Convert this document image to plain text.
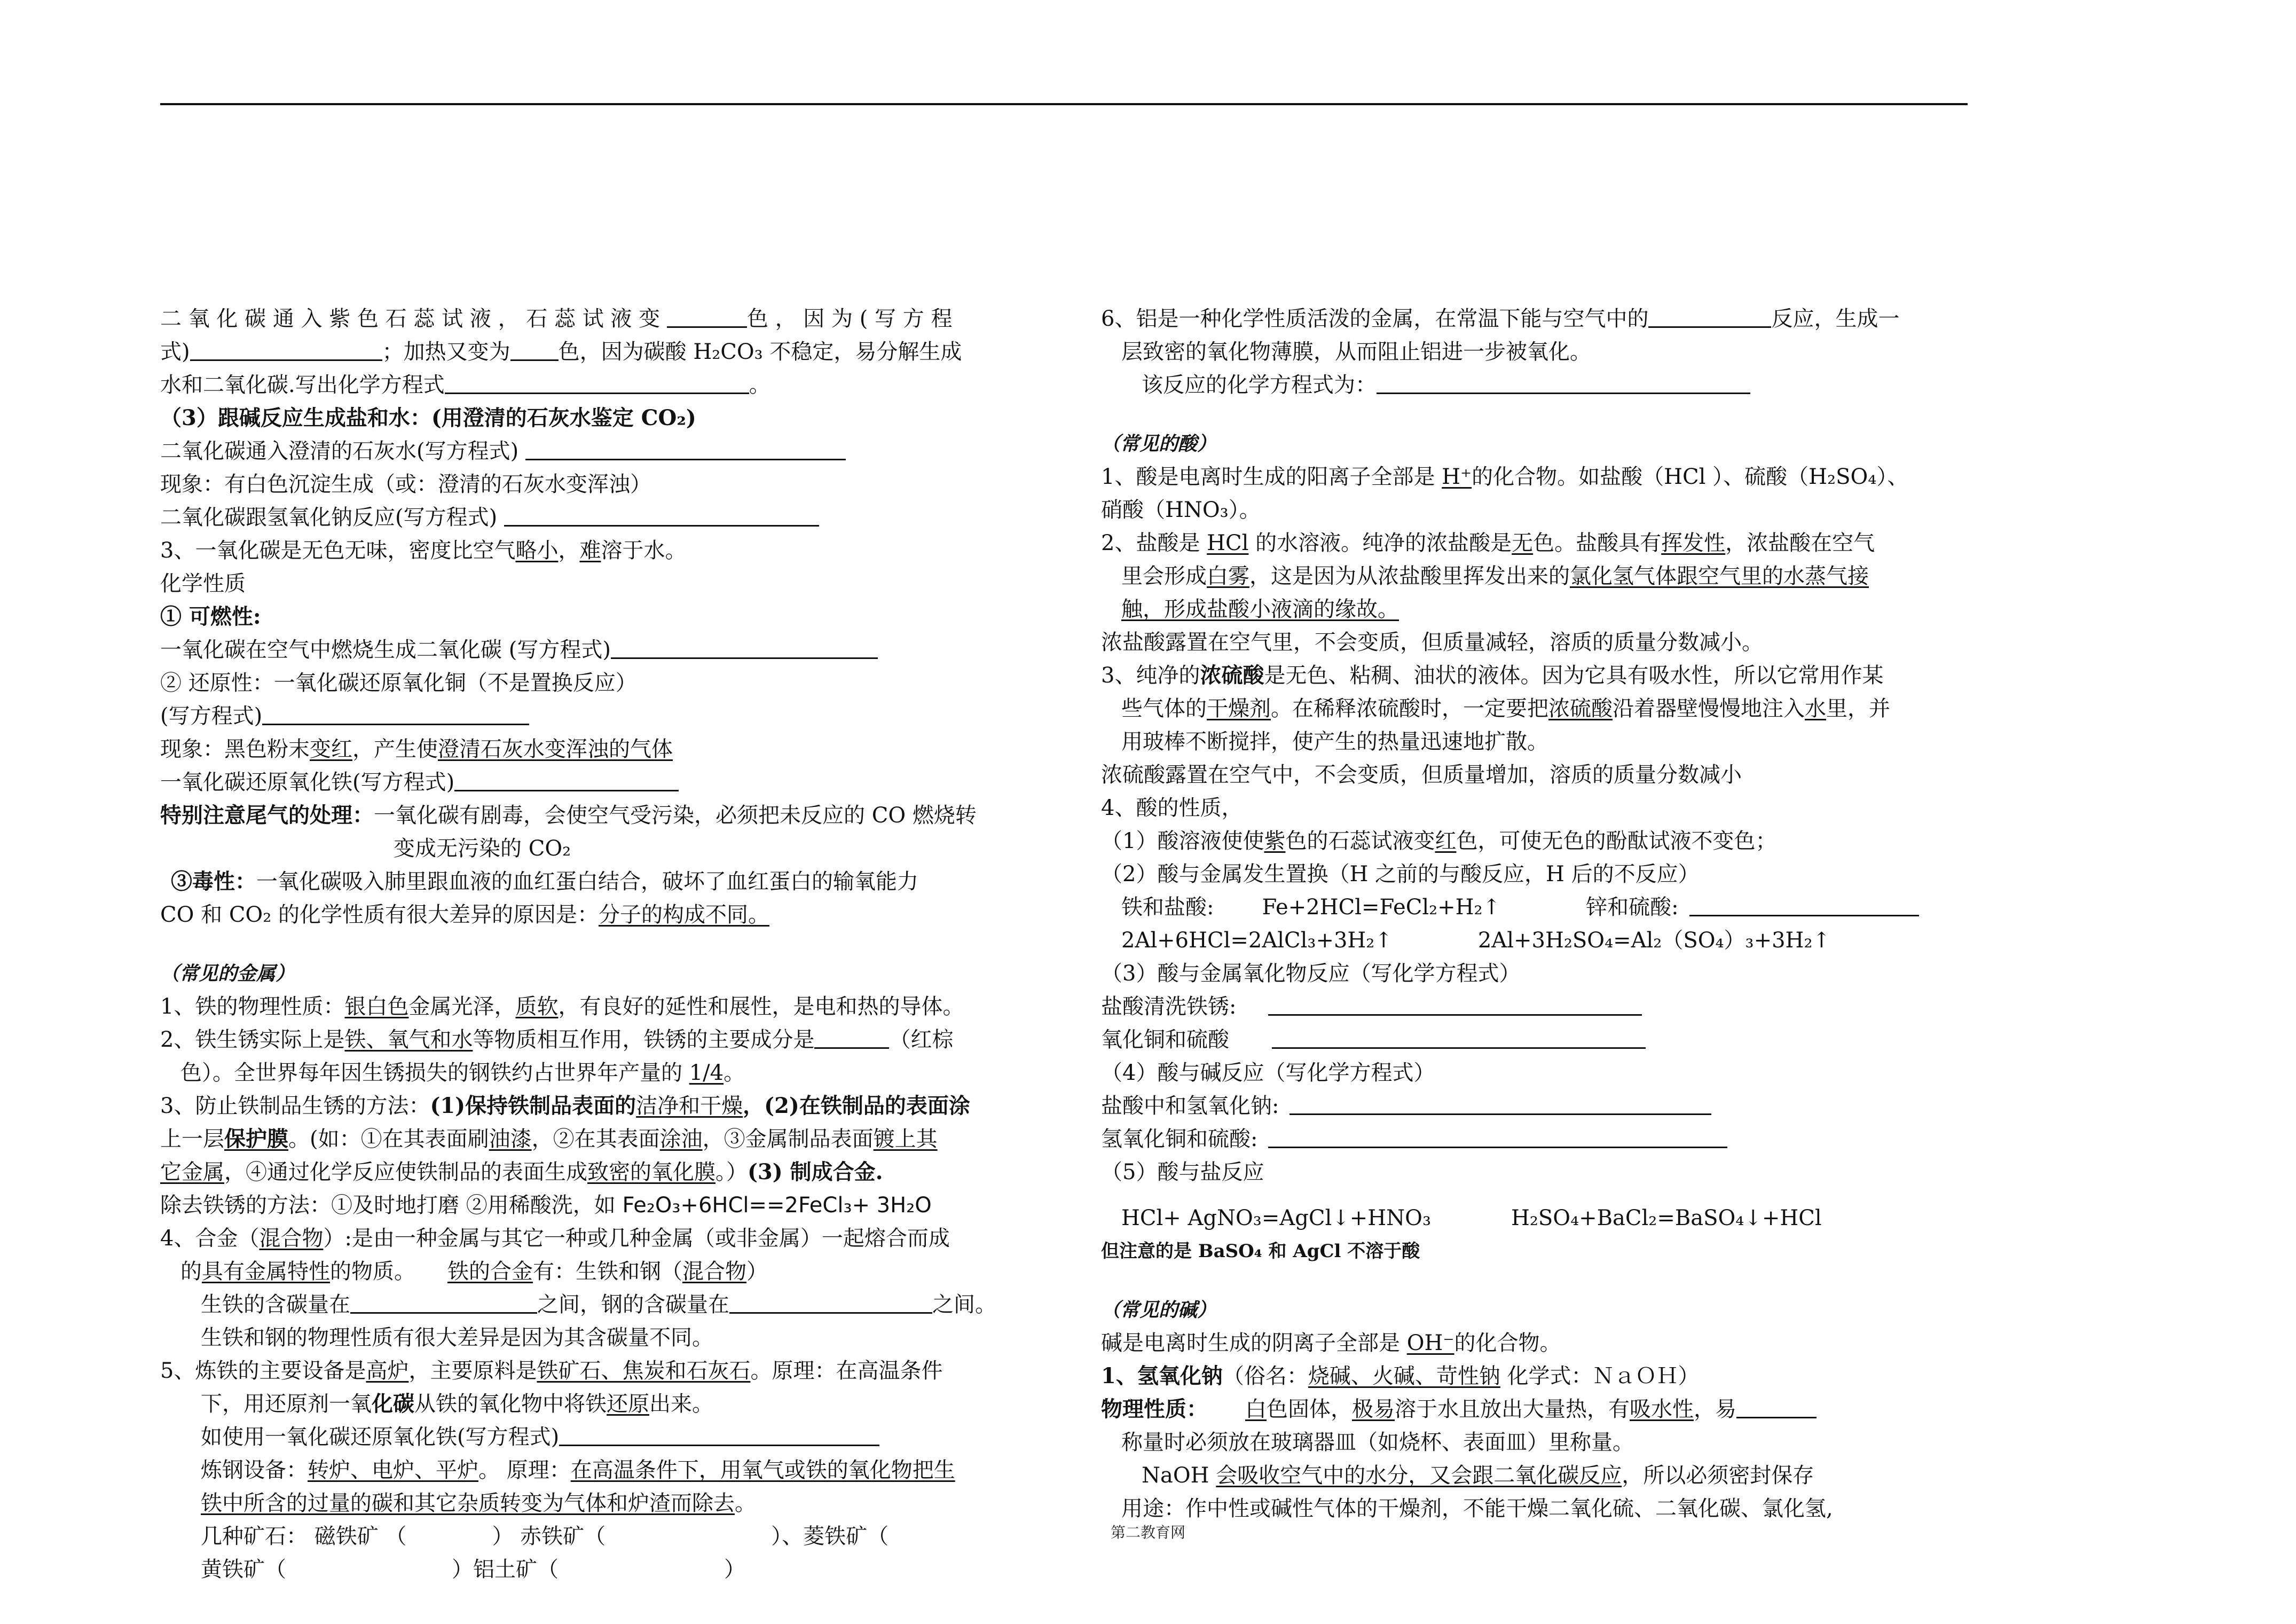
二 氧 化 碳 通 入 紫 色 石 蕊 试 液 ， 石 蕊 试 液 变	色 ， 因 为 ( 写 方 程
式)	；加热又变为 色，因为碳酸 H₂CO₃ 不稳定，易分解生成
水和二氧化碳.写出化学方程式	。
（3）跟碱反应生成盐和水：(用澄清的石灰水鉴定 CO₂)
二氧化碳通入澄清的石灰水(写方程式)
现象：有白色沉淀生成（或：澄清的石灰水变浑浊）
二氧化碳跟氢氧化钠反应(写方程式)
3、一氧化碳是无色无味，密度比空气略小，难溶于水。
化学性质
① 可燃性:
一氧化碳在空气中燃烧生成二氧化碳 (写方程式)
② 还原性：一氧化碳还原氧化铜（不是置换反应）
(写方程式)
现象：黑色粉末变红，产生使澄清石灰水变浑浊的气体
一氧化碳还原氧化铁(写方程式)
特别注意尾气的处理：一氧化碳有剧毒，会使空气受污染，必须把未反应的 CO 燃烧转
变成无污染的 CO₂
③毒性：一氧化碳吸入肺里跟血液的血红蛋白结合，破坏了血红蛋白的输氧能力
CO 和 CO₂ 的化学性质有很大差异的原因是：分子的构成不同。
（常见的金属）
1、铁的物理性质：银白色金属光泽，质软，有良好的延性和展性，是电和热的导体。
2、铁生锈实际上是铁、氧气和水等物质相互作用，铁锈的主要成分是	（红棕
色）。全世界每年因生锈损失的钢铁约占世界年产量的 1/4。
3、防止铁制品生锈的方法：(1)保持铁制品表面的洁净和干燥，(2)在铁制品的表面涂
上一层保护膜。(如：①在其表面刷油漆，②在其表面涂油，③金属制品表面镀上其
它金属，④通过化学反应使铁制品的表面生成致密的氧化膜。）(3) 制成合金.
除去铁锈的方法：①及时地打磨 ②用稀酸洗，如 Fe₂O₃+6HCl==2FeCl₃+ 3H₂O
4、合金（混合物）:是由一种金属与其它一种或几种金属（或非金属）一起熔合而成
的具有金属特性的物质。 铁的合金有：生铁和钢（混合物）
生铁的含碳量在	之间，钢的含碳量在	之间。
生铁和钢的物理性质有很大差异是因为其含碳量不同。
5、炼铁的主要设备是高炉，主要原料是铁矿石、焦炭和石灰石。原理：在高温条件
下，用还原剂一氧化碳从铁的氧化物中将铁还原出来。
如使用一氧化碳还原氧化铁(写方程式)
炼钢设备：转炉、电炉、平炉。 原理：在高温条件下，用氧气或铁的氧化物把生
铁中所含的过量的碳和其它杂质转变为气体和炉渣而除去。
几种矿石： 磁铁矿 （	） 赤铁矿（	）、菱铁矿（
黄铁矿（	）铝土矿（	）
6、铝是一种化学性质活泼的金属，在常温下能与空气中的	反应，生成一
层致密的氧化物薄膜，从而阻止铝进一步被氧化。
该反应的化学方程式为：
（常见的酸）
1、酸是电离时生成的阳离子全部是 H⁺的化合物。如盐酸（HCl ）、硫酸（H₂SO₄）、
硝酸（HNO₃）。
2、盐酸是 HCl 的水溶液。纯净的浓盐酸是无色。盐酸具有挥发性，浓盐酸在空气
里会形成白雾，这是因为从浓盐酸里挥发出来的氯化氢气体跟空气里的水蒸气接
触，形成盐酸小液滴的缘故。
浓盐酸露置在空气里，不会变质，但质量减轻，溶质的质量分数减小。
3、纯净的浓硫酸是无色、粘稠、油状的液体。因为它具有吸水性，所以它常用作某
些气体的干燥剂。在稀释浓硫酸时，一定要把浓硫酸沿着器壁慢慢地注入水里，并
用玻棒不断搅拌，使产生的热量迅速地扩散。
浓硫酸露置在空气中，不会变质，但质量增加，溶质的质量分数减小
4、酸的性质，
（1）酸溶液使使紫色的石蕊试液变红色，可使无色的酚酞试液不变色；
（2）酸与金属发生置换（H 之前的与酸反应，H 后的不反应）
铁和盐酸: Fe+2HCl=FeCl₂+H₂↑	锌和硫酸:
2Al+6HCl=2AlCl₃+3H₂↑	2Al+3H₂SO₄=Al₂（SO₄）₃+3H₂↑
（3）酸与金属氧化物反应（写化学方程式）
盐酸清洗铁锈:
氧化铜和硫酸
（4）酸与碱反应（写化学方程式）
盐酸中和氢氧化钠:
氢氧化铜和硫酸:
（5）酸与盐反应
HCl+ AgNO₃=AgCl↓+HNO₃	H₂SO₄+BaCl₂=BaSO₄↓+HCl
但注意的是 BaSO₄ 和 AgCl 不溶于酸
（常见的碱）
碱是电离时生成的阴离子全部是 OH⁻的化合物。
1、氢氧化钠（俗名：烧碱、火碱、苛性钠 化学式：ＮａＯＨ）
物理性质： 白色固体，极易溶于水且放出大量热，有吸水性，易
称量时必须放在玻璃器皿（如烧杯、表面皿）里称量。
NaOH 会吸收空气中的水分，又会跟二氧化碳反应，所以必须密封保存
用途：作中性或碱性气体的干燥剂，不能干燥二氧化硫、二氧化碳、氯化氢,
第二教育网
